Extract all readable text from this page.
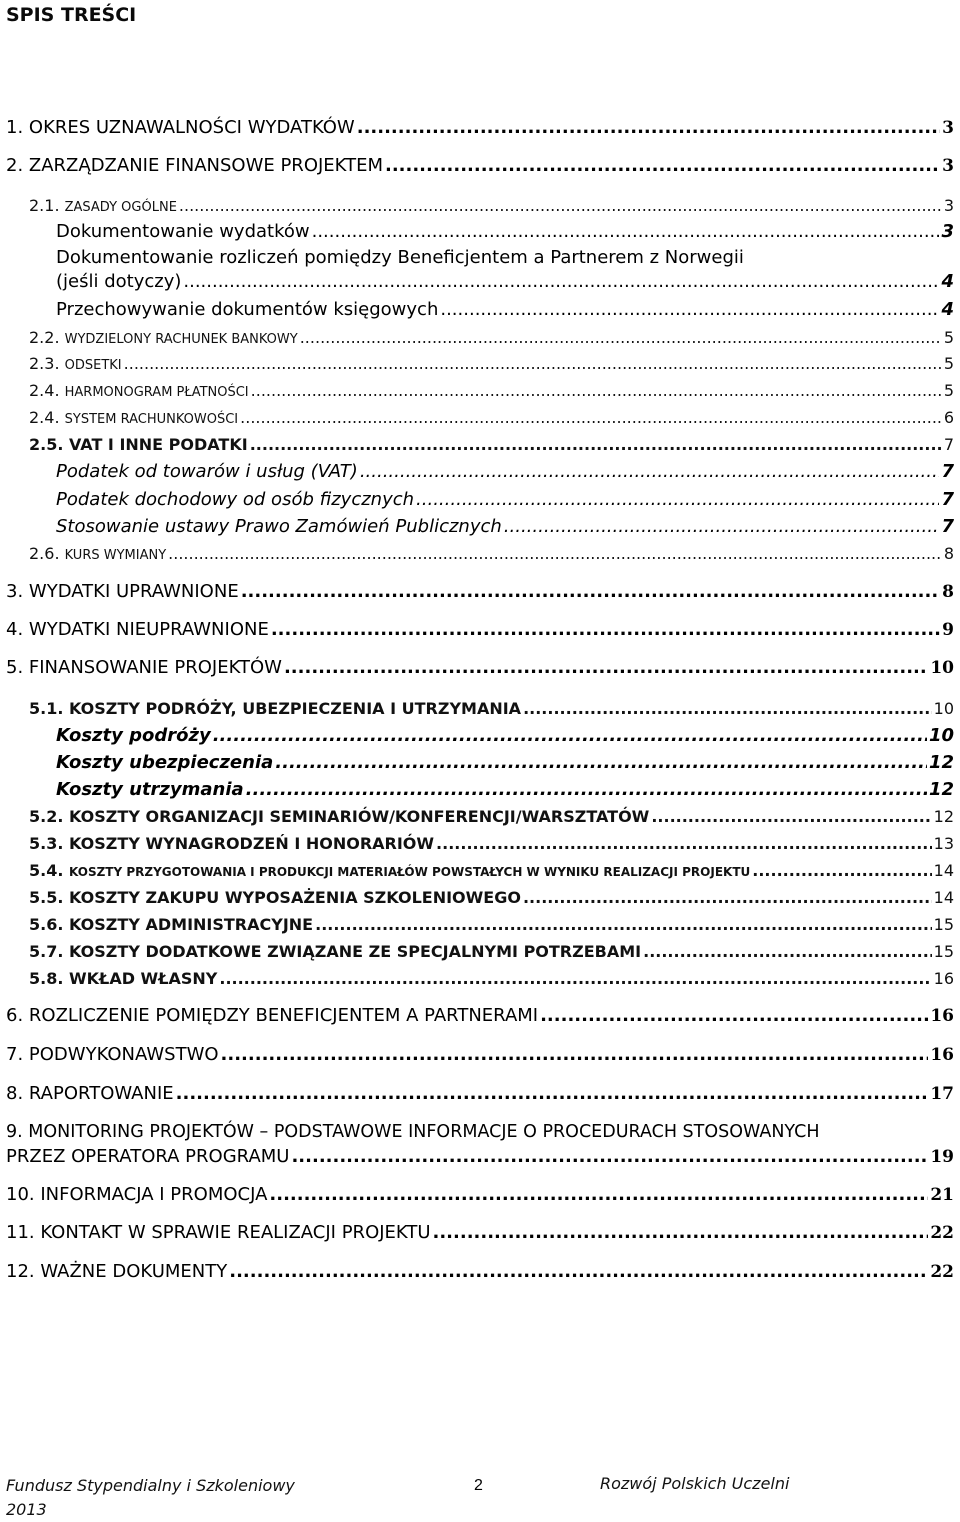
SPIS TREŚCI
1. OKRES UZNAWALNOŚCI WYDATKÓW .....	3
2. ZARZĄDZANIE FINANSOWE PROJEKTEM .....	3
2.1. ZASADY OGÓLNE .....	3
Dokumentowanie wydatków .....	3
Dokumentowanie rozliczeń pomiędzy Beneficjentem a Partnerem z Norwegii
(jeśli dotyczy) .....	4
Przechowywanie dokumentów księgowych .....	4
2.2. WYDZIELONY RACHUNEK BANKOWY .....	5
2.3. ODSETKI .....	5
2.4. HARMONOGRAM PŁATNOŚCI .....	5
2.4. SYSTEM RACHUNKOWOŚCI .....	6
2.5. VAT I INNE PODATKI .....	7
Podatek od towarów i usług (VAT) .....	7
Podatek dochodowy od osób fizycznych .....	7
Stosowanie ustawy Prawo Zamówień Publicznych .....	7
2.6. KURS WYMIANY .....	8
3. WYDATKI UPRAWNIONE .....	8
4. WYDATKI NIEUPRAWNIONE .....	9
5. FINANSOWANIE PROJEKTÓW .....	10
5.1. KOSZTY PODRÓŻY, UBEZPIECZENIA I UTRZYMANIA .....	10
Koszty podróży .....	10
Koszty ubezpieczenia .....	12
Koszty utrzymania .....	12
5.2. KOSZTY ORGANIZACJI SEMINARIÓW/KONFERENCJI/WARSZTATÓW .....	12
5.3. KOSZTY WYNAGRODZEŃ I HONORARIÓW .....	13
5.4. KOSZTY PRZYGOTOWANIA I PRODUKCJI MATERIAŁÓW POWSTAŁYCH W WYNIKU REALIZACJI PROJEKTU .....	14
5.5. KOSZTY ZAKUPU WYPOSAŻENIA SZKOLENIOWEGO .....	14
5.6. KOSZTY ADMINISTRACYJNE .....	15
5.7. KOSZTY DODATKOWE ZWIĄZANE ZE SPECJALNYMI POTRZEBAMI .....	15
5.8. WKŁAD WŁASNY .....	16
6. ROZLICZENIE POMIĘDZY BENEFICJENTEM A PARTNERAMI .....	16
7. PODWYKONAWSTWO .....	16
8. RAPORTOWANIE .....	17
9. MONITORING PROJEKTÓW – PODSTAWOWE INFORMACJE O PROCEDURACH STOSOWANYCH
PRZEZ OPERATORA PROGRAMU .....	19
10. INFORMACJA I PROMOCJA .....	21
11. KONTAKT W SPRAWIE REALIZACJI PROJEKTU .....	22
12. WAŻNE DOKUMENTY .....	22
Fundusz Stypendialny i Szkoleniowy
2013
2	Rozwój Polskich Uczelni
